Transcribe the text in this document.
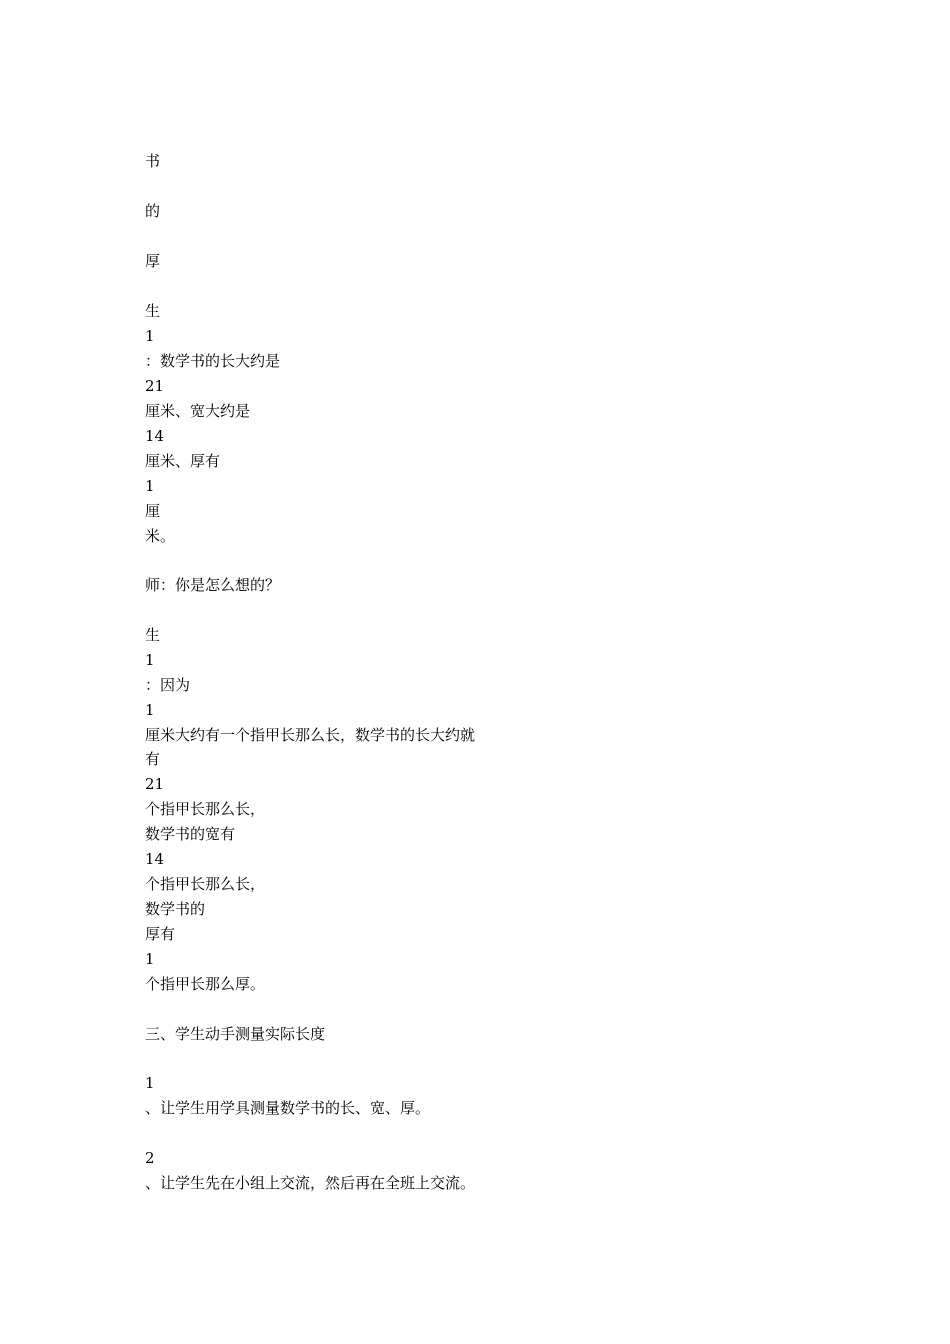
书
的
厚
生
1
：数学书的长大约是
21
厘米、宽大约是
14
厘米、厚有
1
厘
米。
师：你是怎么想的？
生
1
：因为
1
厘米大约有一个指甲长那么长，数学书的长大约就
有
21
个指甲长那么长，
数学书的宽有
14
个指甲长那么长，
数学书的
厚有
1
个指甲长那么厚。
三、学生动手测量实际长度
1
、让学生用学具测量数学书的长、宽、厚。
2
、让学生先在小组上交流，然后再在全班上交流。
